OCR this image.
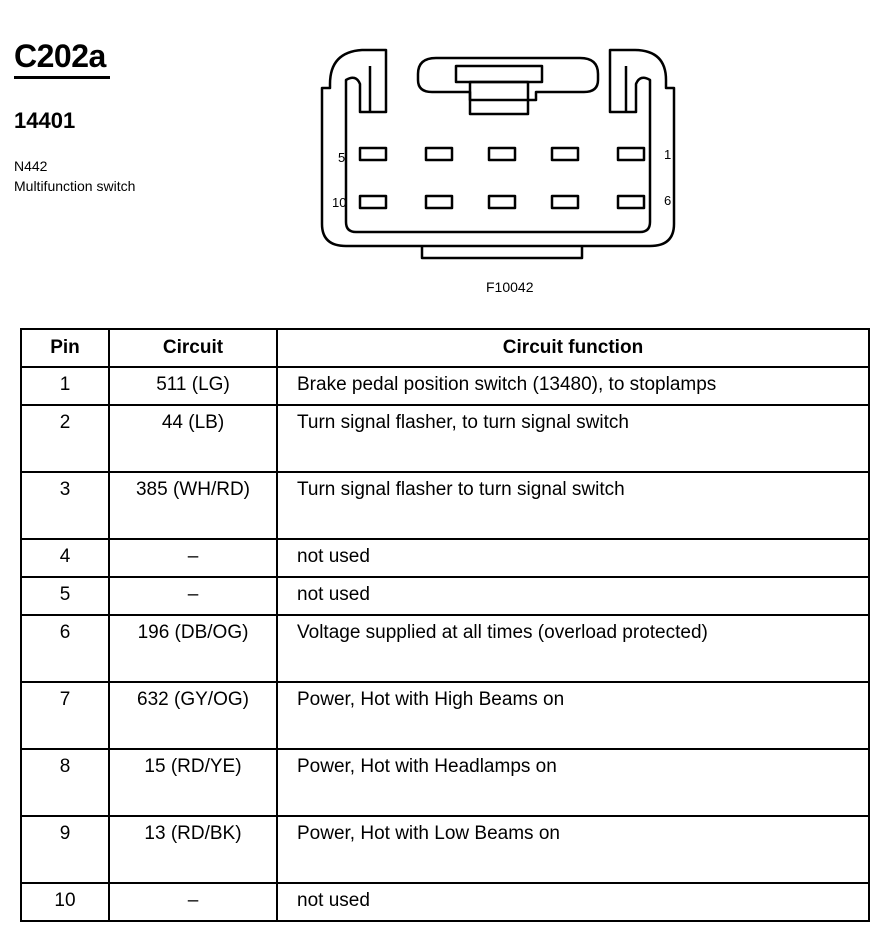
C202a
14401
N442
Multifunction switch
5	1
10	6
F10042
Pin	Circuit	Circuit function
1	511 (LG)	Brake pedal position switch (13480), to stoplamps
2	44 (LB)	Turn signal flasher, to turn signal switch
3	385 (WH/RD)	Turn signal flasher to turn signal switch
4	–	not used
5	–	not used
6	196 (DB/OG)	Voltage supplied at all times (overload protected)
7	632 (GY/OG)	Power, Hot with High Beams on
8	15 (RD/YE)	Power, Hot with Headlamps on
9	13 (RD/BK)	Power, Hot with Low Beams on
10	–	not used
